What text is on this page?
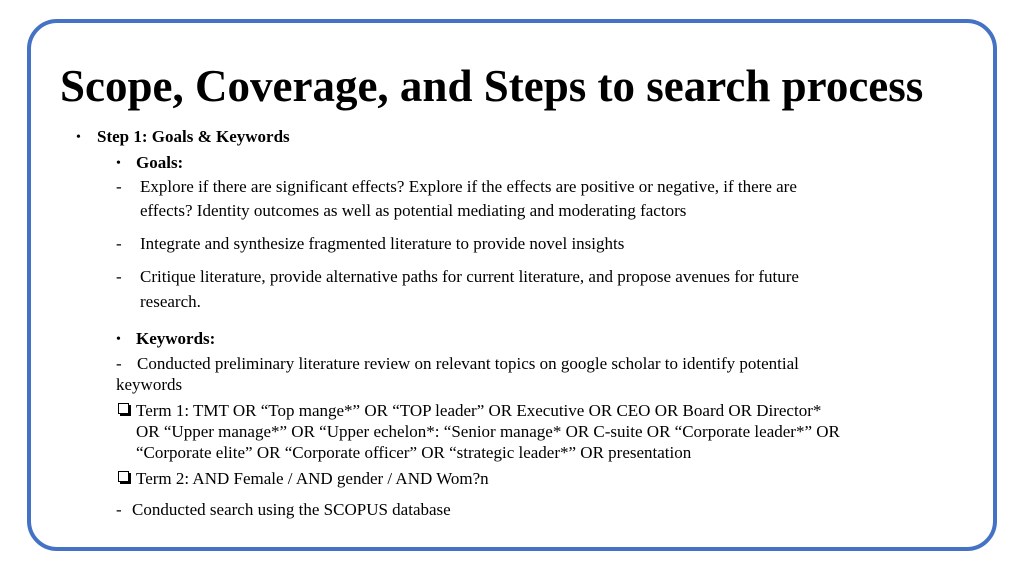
Scope, Coverage, and Steps to search process
• Step 1: Goals & Keywords
• Goals:
- Explore if there are significant effects? Explore if the effects are positive or negative, if there are
effects? Identity outcomes as well as potential mediating and moderating factors
- Integrate and synthesize fragmented literature to provide novel insights
- Critique literature, provide alternative paths for current literature, and propose avenues for future
research.
• Keywords:
- Conducted preliminary literature review on relevant topics on google scholar to identify potential
keywords
Term 1: TMT OR “Top mange*” OR “TOP leader” OR Executive OR CEO OR Board OR Director*
OR “Upper manage*” OR “Upper echelon*: “Senior manage* OR C-suite OR “Corporate leader*” OR
“Corporate elite” OR “Corporate officer” OR “strategic leader*” OR presentation
Term 2: AND Female / AND gender / AND Wom?n
- Conducted search using the SCOPUS database
